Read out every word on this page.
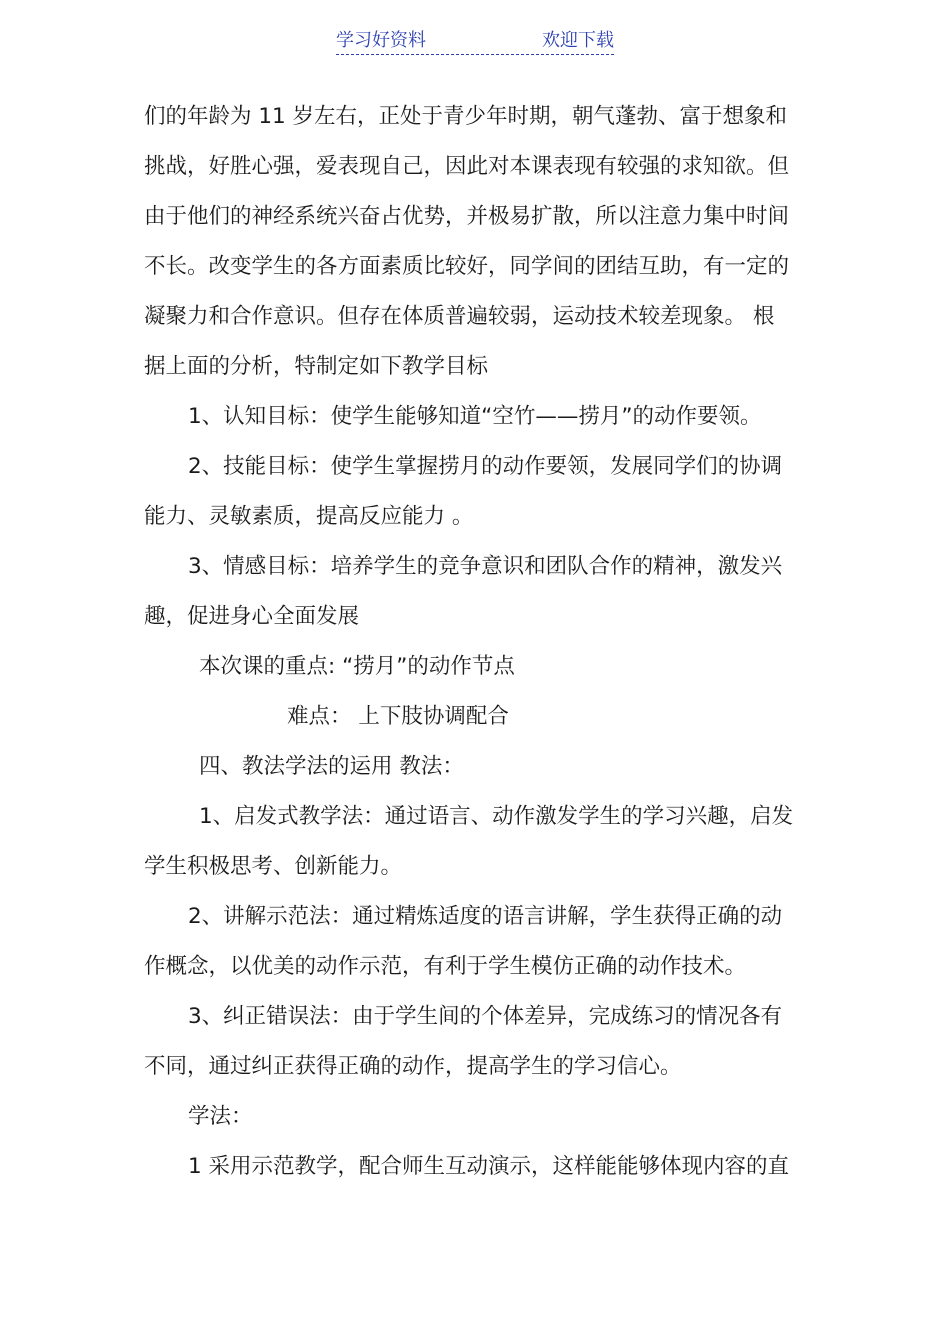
学习好资料	欢迎下载
们的年龄为 11 岁左右，正处于青少年时期，朝气蓬勃、富于想象和
挑战，好胜心强，爱表现自己，因此对本课表现有较强的求知欲。但
由于他们的神经系统兴奋占优势，并极易扩散，所以注意力集中时间
不长。改变学生的各方面素质比较好，同学间的团结互助，有一定的
凝聚力和合作意识。但存在体质普遍较弱，运动技术较差现象。 根
据上面的分析，特制定如下教学目标
1、认知目标：使学生能够知道“空竹——捞月”的动作要领。
2、技能目标：使学生掌握捞月的动作要领，发展同学们的协调
能力、灵敏素质，提高反应能力 。
3、情感目标：培养学生的竞争意识和团队合作的精神，激发兴
趣，促进身心全面发展
本次课的重点: “捞月”的动作节点
难点： 上下肢协调配合
四、教法学法的运用 教法：
1、启发式教学法：通过语言、动作激发学生的学习兴趣，启发
学生积极思考、创新能力。
2、讲解示范法：通过精炼适度的语言讲解，学生获得正确的动
作概念，以优美的动作示范，有利于学生模仿正确的动作技术。
3、纠正错误法：由于学生间的个体差异，完成练习的情况各有
不同，通过纠正获得正确的动作，提高学生的学习信心。
学法：
1 采用示范教学，配合师生互动演示，这样能能够体现内容的直
